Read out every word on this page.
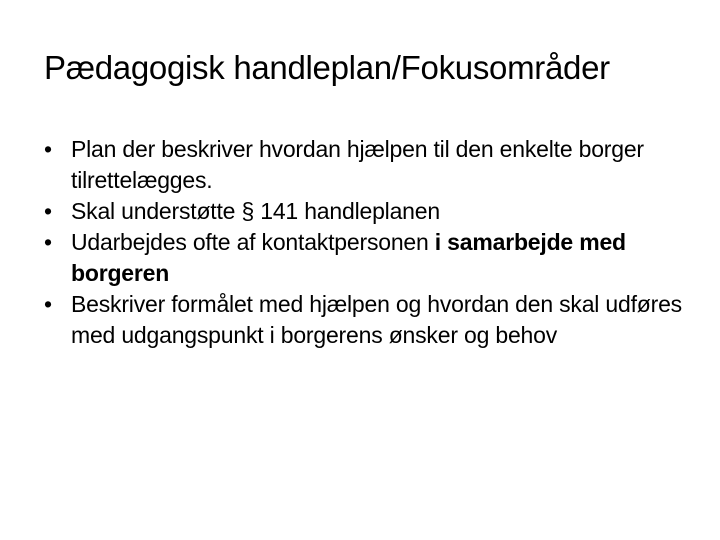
Pædagogisk handleplan/Fokusområder
• Plan der beskriver hvordan hjælpen til den enkelte borger tilrettelægges.
• Skal understøtte § 141 handleplanen
• Udarbejdes ofte af kontaktpersonen i samarbejde med borgeren
• Beskriver formålet med hjælpen og hvordan den skal udføres med udgangspunkt i borgerens ønsker og behov
